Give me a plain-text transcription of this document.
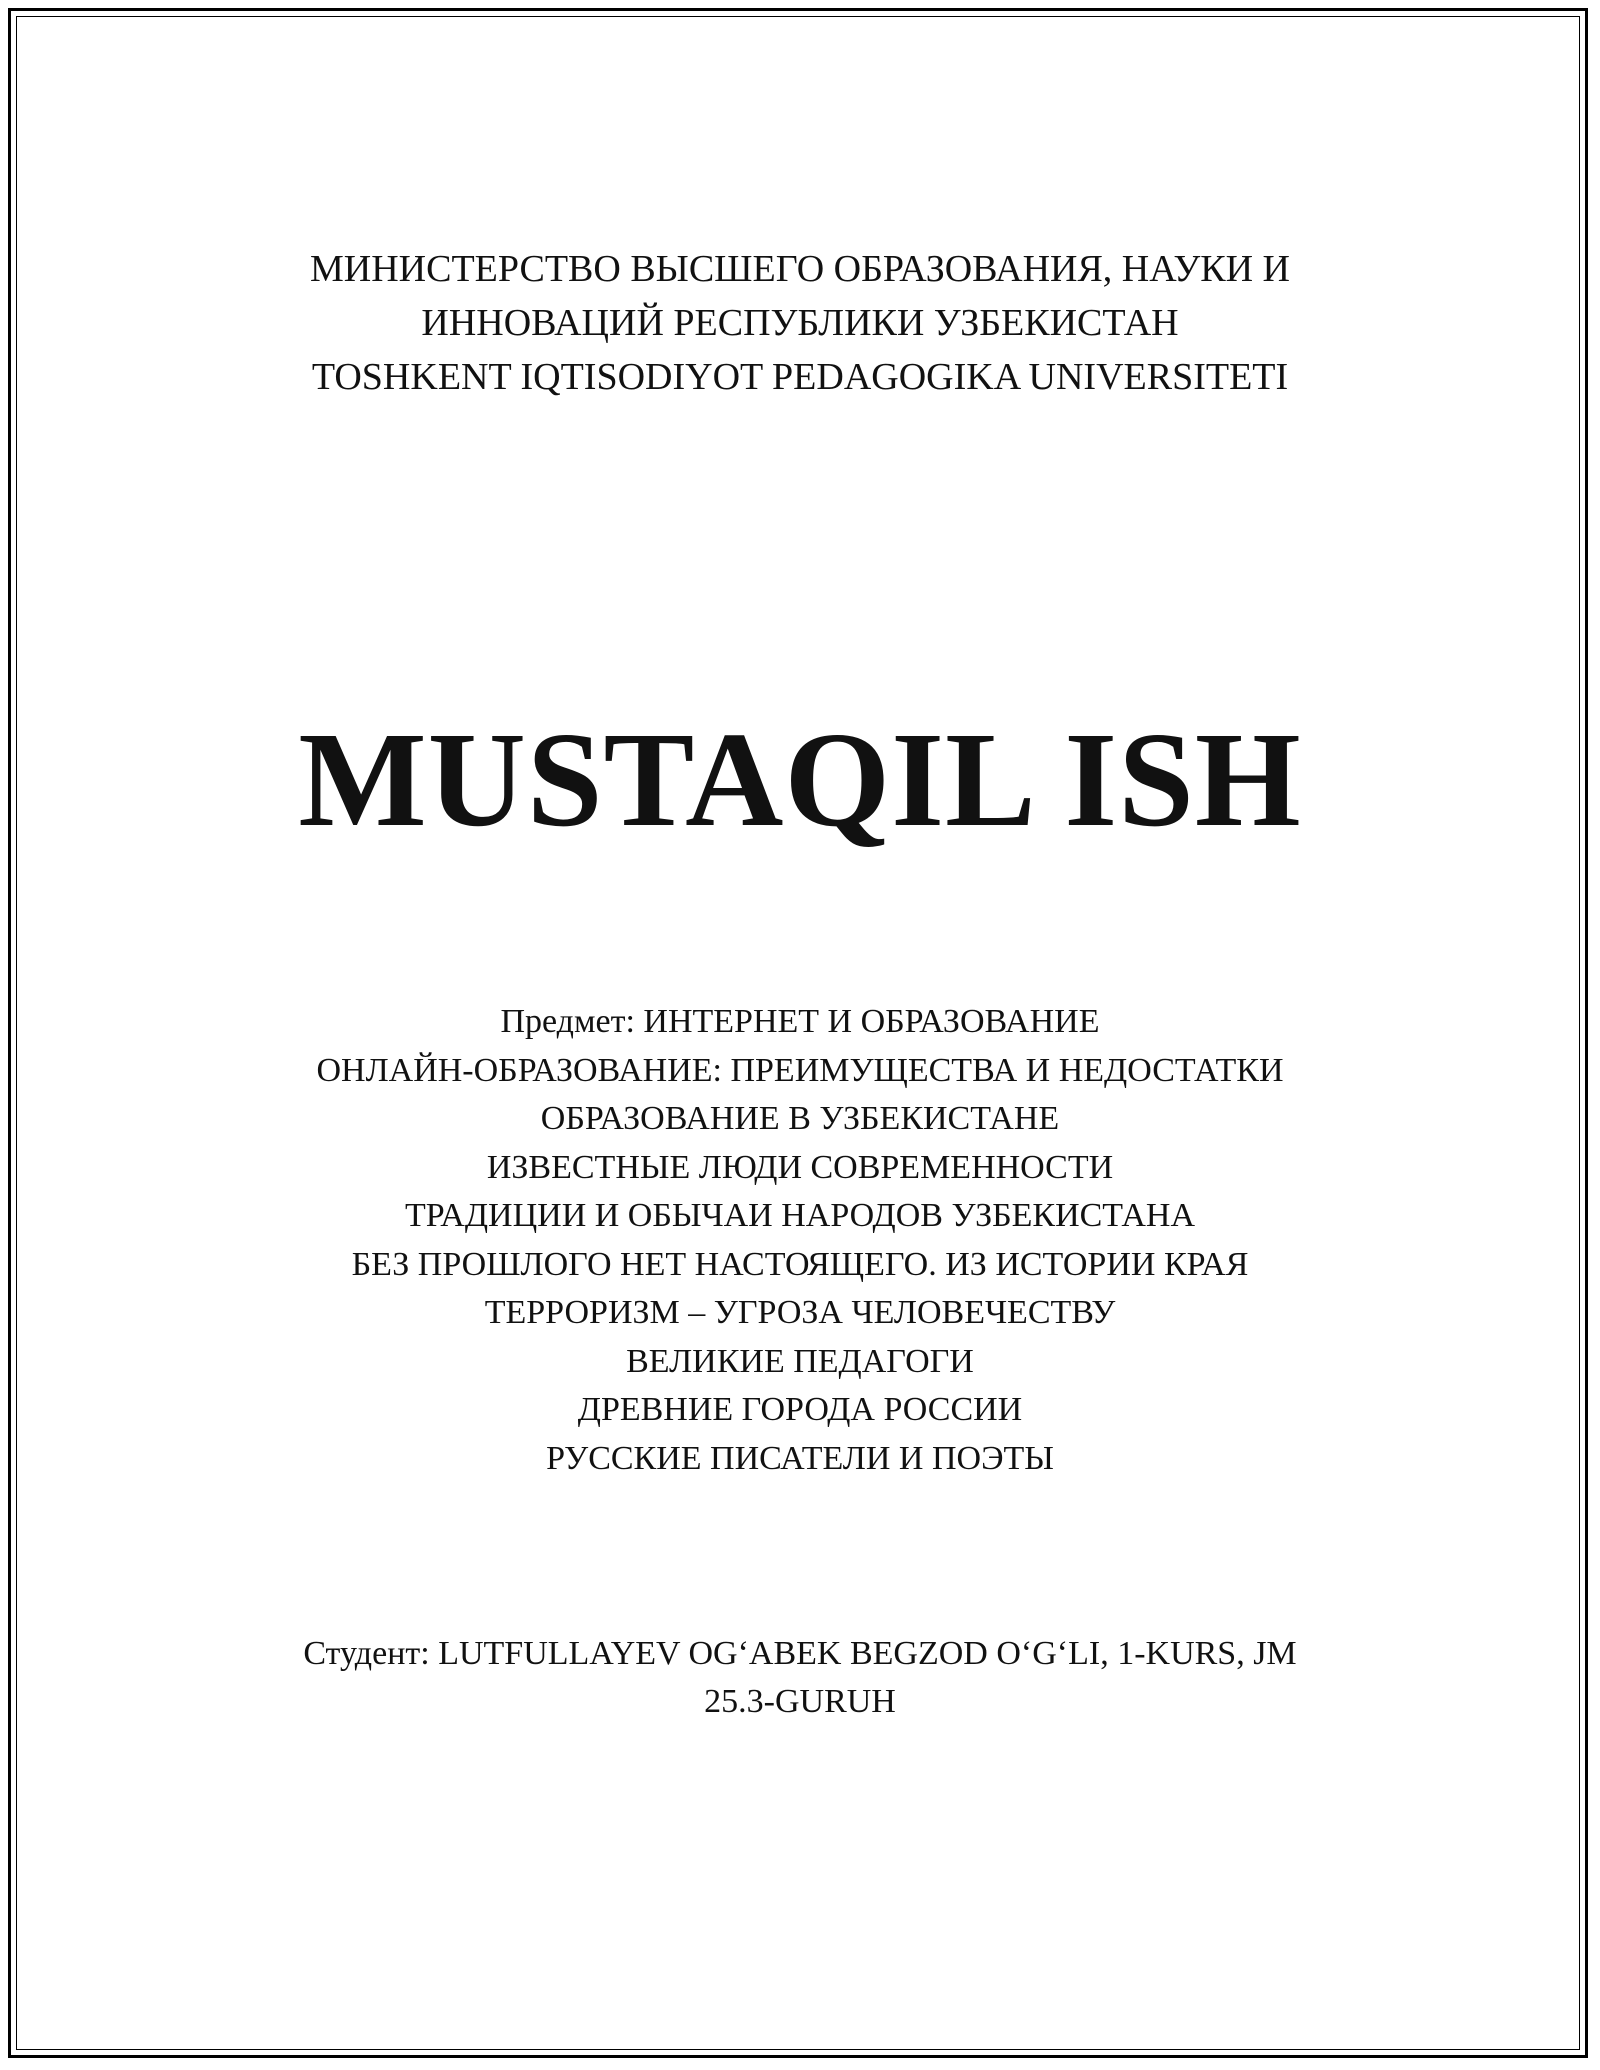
МИНИСТЕРСТВО ВЫСШЕГО ОБРАЗОВАНИЯ, НАУКИ И
ИННОВАЦИЙ РЕСПУБЛИКИ УЗБЕКИСТАН
TOSHKENT IQTISODIYOT PEDAGOGIKA UNIVERSITETI
MUSTAQIL ISH
Предмет: ИНТЕРНЕТ И ОБРАЗОВАНИЕ
ОНЛАЙН-ОБРАЗОВАНИЕ: ПРЕИМУЩЕСТВА И НЕДОСТАТКИ
ОБРАЗОВАНИЕ В УЗБЕКИСТАНЕ
ИЗВЕСТНЫЕ ЛЮДИ СОВРЕМЕННОСТИ
ТРАДИЦИИ И ОБЫЧАИ НАРОДОВ УЗБЕКИСТАНА
БЕЗ ПРОШЛОГО НЕТ НАСТОЯЩЕГО. ИЗ ИСТОРИИ КРАЯ
ТЕРРОРИЗМ – УГРОЗА ЧЕЛОВЕЧЕСТВУ
ВЕЛИКИЕ ПЕДАГОГИ
ДРЕВНИЕ ГОРОДА РОССИИ
РУССКИЕ ПИСАТЕЛИ И ПОЭТЫ
Студент: LUTFULLAYEV OG‘ABEK BEGZOD O‘G‘LI, 1-KURS, JM
25.3-GURUH
